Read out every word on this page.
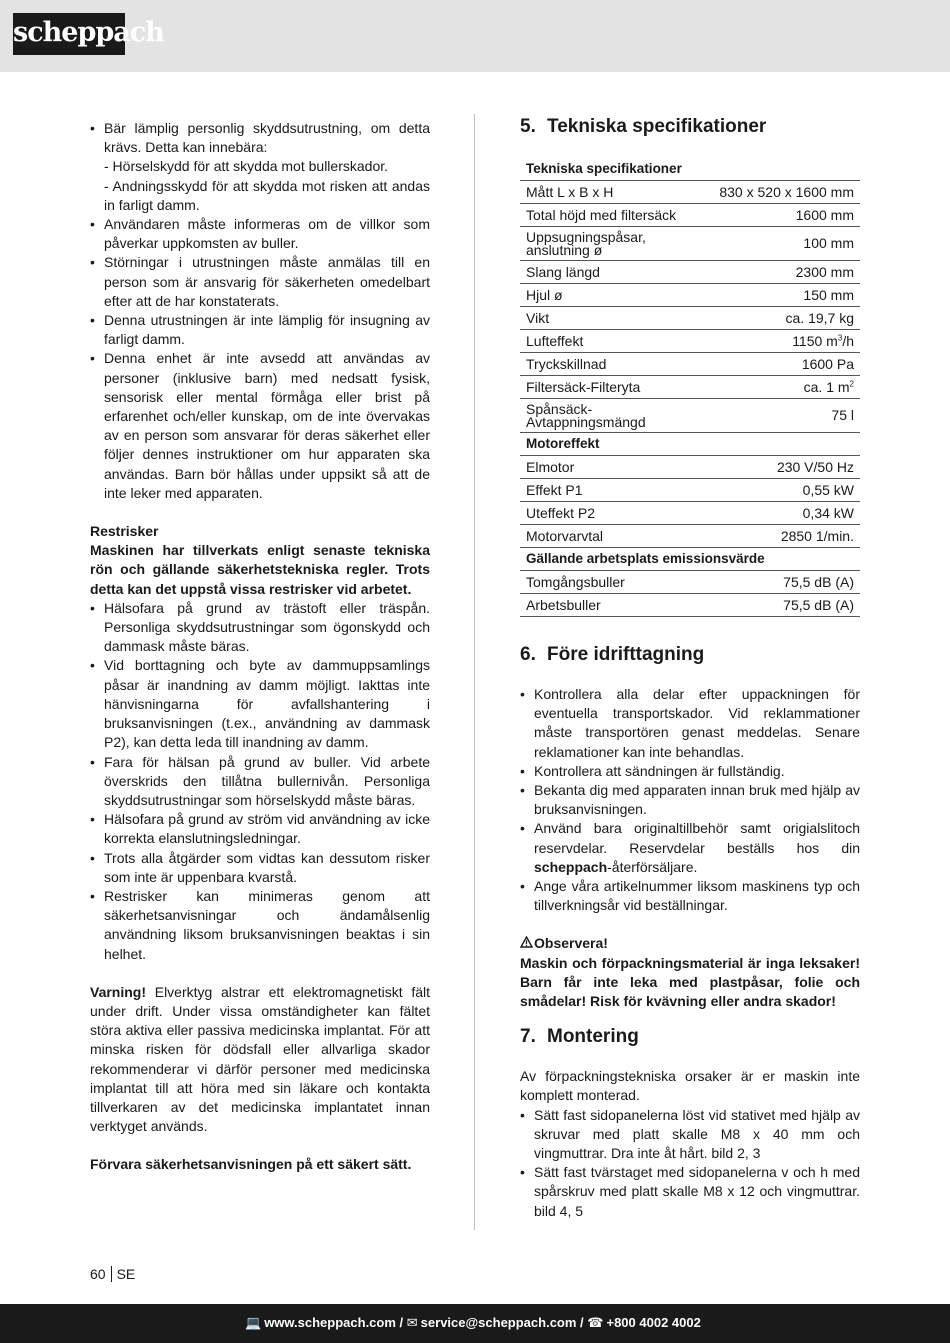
scheppach
• Bär lämplig personlig skyddsutrustning, om detta krävs. Detta kan innebära:
- Hörselskydd för att skydda mot bullerskador.
- Andningsskydd för att skydda mot risken att andas in farligt damm.
• Användaren måste informeras om de villkor som påverkar uppkomsten av buller.
• Störningar i utrustningen måste anmälas till en person som är ansvarig för säkerheten omedelbart efter att de har konstaterats.
• Denna utrustningen är inte lämplig för insugning av farligt damm.
• Denna enhet är inte avsedd att användas av personer (inklusive barn) med nedsatt fysisk, sensorisk eller mental förmåga eller brist på erfarenhet och/eller kunskap, om de inte övervakas av en person som ansvarar för deras säkerhet eller följer dennes instruktioner om hur apparaten ska användas. Barn bör hållas under uppsikt så att de inte leker med apparaten.
Restrisker
Maskinen har tillverkats enligt senaste tekniska rön och gällande säkerhetstekniska regler. Trots detta kan det uppstå vissa restrisker vid arbetet.
• Hälsofara på grund av trästoft eller träspån. Personliga skyddsutrustningar som ögonskydd och dammask måste bäras.
• Vid borttagning och byte av dammuppsamlings påsar är inandning av damm möjligt. Iakttas inte hänvisningarna för avfallshantering i bruksanvisningen (t.ex., användning av dammask P2), kan detta leda till inandning av damm.
• Fara för hälsan på grund av buller. Vid arbete överskrids den tillåtna bullernivån. Personliga skyddsutrustningar som hörselskydd måste bäras.
• Hälsofara på grund av ström vid användning av icke korrekta elanslutningsledningar.
• Trots alla åtgärder som vidtas kan dessutom risker som inte är uppenbara kvarstå.
• Restrisker kan minimeras genom att säkerhetsanvisningar och ändamålsenlig användning liksom bruksanvisningen beaktas i sin helhet.
Varning! Elverktyg alstrar ett elektromagnetiskt fält under drift. Under vissa omständigheter kan fältet störa aktiva eller passiva medicinska implantat. För att minska risken för dödsfall eller allvarliga skador rekommenderar vi därför personer med medicinska implantat till att höra med sin läkare och kontakta tillverkaren av det medicinska implantatet innan verktyget används.
Förvara säkerhetsanvisningen på ett säkert sätt.
5. Tekniska specifikationer
Tekniska specifikationer	
Mått L x B x H	830 x 520 x 1600 mm
Total höjd med filtersäck	1600 mm
Uppsugningspåsar, anslutning ø	100 mm
Slang längd	2300 mm
Hjul ø	150 mm
Vikt	ca. 19,7 kg
Lufteffekt	1150 $m^3/h$
Tryckskillnad	1600 Pa
Filtersäck-Filteryta	ca. 1 $m^2$
Spånsäck-Avtappningsmängd	75 l
Motoreffekt	
Elmotor	230 V/50 Hz
Effekt P1	0,55 kW
Uteffekt P2	0,34 kW
Motorvarvtal	2850 1/min.
Gällande arbetsplats emissionsvärde	
Tomgångsbuller	75,5 dB (A)
Arbetsbuller	75,5 dB (A)
6. Före idrifttagning
• Kontrollera alla delar efter uppackningen för eventuella transportskador. Vid reklammationer måste transportören genast meddelas. Senare reklamationer kan inte behandlas.
• Kontrollera att sändningen är fullständig.
• Bekanta dig med apparaten innan bruk med hjälp av bruksanvisningen.
• Använd bara originaltillbehör samt origialslitoch reservdelar. Reservdelar beställs hos din scheppach-återförsäljare.
• Ange våra artikelnummer liksom maskinens typ och tillverkningsår vid beställningar.
Observera!
Maskin och förpackningsmaterial är inga leksaker! Barn får inte leka med plastpåsar, folie och smådelar! Risk för kvävning eller andra skador!
7. Montering
Av förpackningstekniska orsaker är er maskin inte komplett monterad.
• Sätt fast sidopanelerna löst vid stativet med hjälp av skruvar med platt skalle M8 x 40 mm och vingmuttrar. Dra inte åt hårt. bild 2, 3
• Sätt fast tvärstaget med sidopanelerna v och h med spårskruv med platt skalle M8 x 12 och vingmuttrar. bild 4, 5
60 SE
💻 www.scheppach.com / ✉ service@scheppach.com / ☎ +800 4002 4002
